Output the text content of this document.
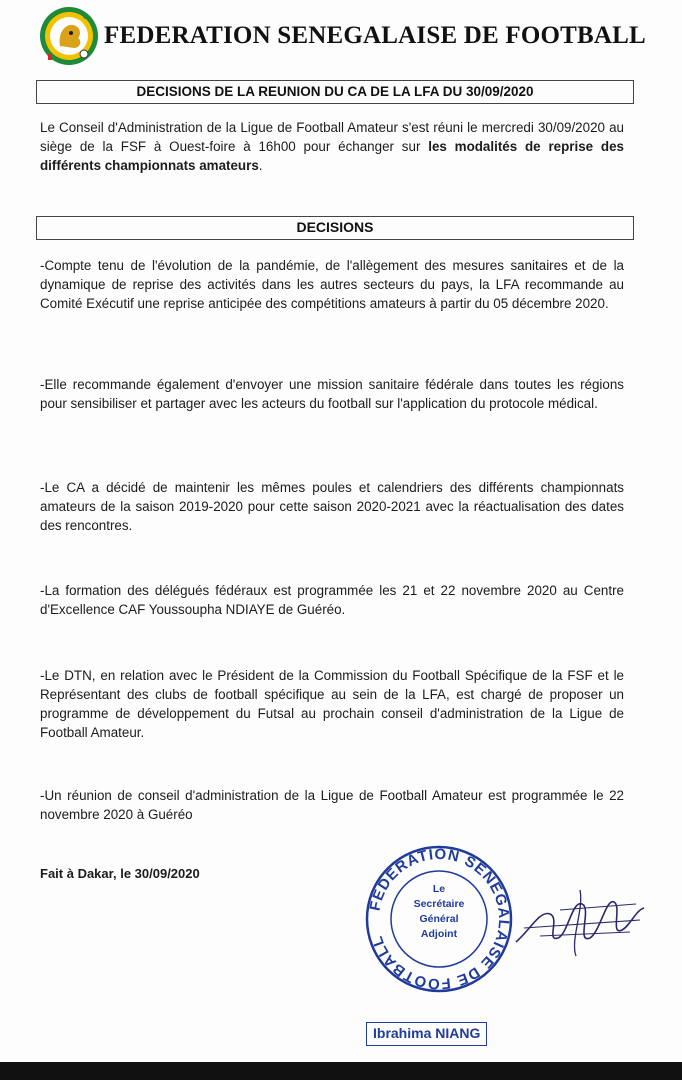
FEDERATION SENEGALAISE DE FOOTBALL
DECISIONS DE LA REUNION DU CA DE LA LFA DU 30/09/2020

Le Conseil d'Administration de la Ligue de Football Amateur s'est réuni le mercredi 30/09/2020 au siège de la FSF à Ouest-foire à 16h00 pour échanger sur les modalités de reprise des différents championnats amateurs.

DECISIONS

-Compte tenu de l'évolution de la pandémie, de l'allègement des mesures sanitaires et de la dynamique de reprise des activités dans les autres secteurs du pays, la LFA recommande au Comité Exécutif une reprise anticipée des compétitions amateurs à partir du 05 décembre 2020.

-Elle recommande également d'envoyer une mission sanitaire fédérale dans toutes les régions pour sensibiliser et partager avec les acteurs du football sur l'application du protocole médical.

-Le CA a décidé de maintenir les mêmes poules et calendriers des différents championnats amateurs de la saison 2019-2020 pour cette saison 2020-2021 avec la réactualisation des dates des rencontres.

-La formation des délégués fédéraux est programmée les 21 et 22 novembre 2020 au Centre d'Excellence CAF Youssoupha NDIAYE de Guéréo.

-Le DTN, en relation avec le Président de la Commission du Football Spécifique de la FSF et le Représentant des clubs de football spécifique au sein de la LFA, est chargé de proposer un programme de développement du Futsal au prochain conseil d'administration de la Ligue de Football Amateur.

-Un réunion de conseil d'administration de la Ligue de Football Amateur est programmée le 22 novembre 2020 à Guéréo

Fait à Dakar, le 30/09/2020
FEDERATION SENEGALAISE DE FOOTBALL
Le
Secrétaire Général
Adjoint
Ibrahima NIANG
